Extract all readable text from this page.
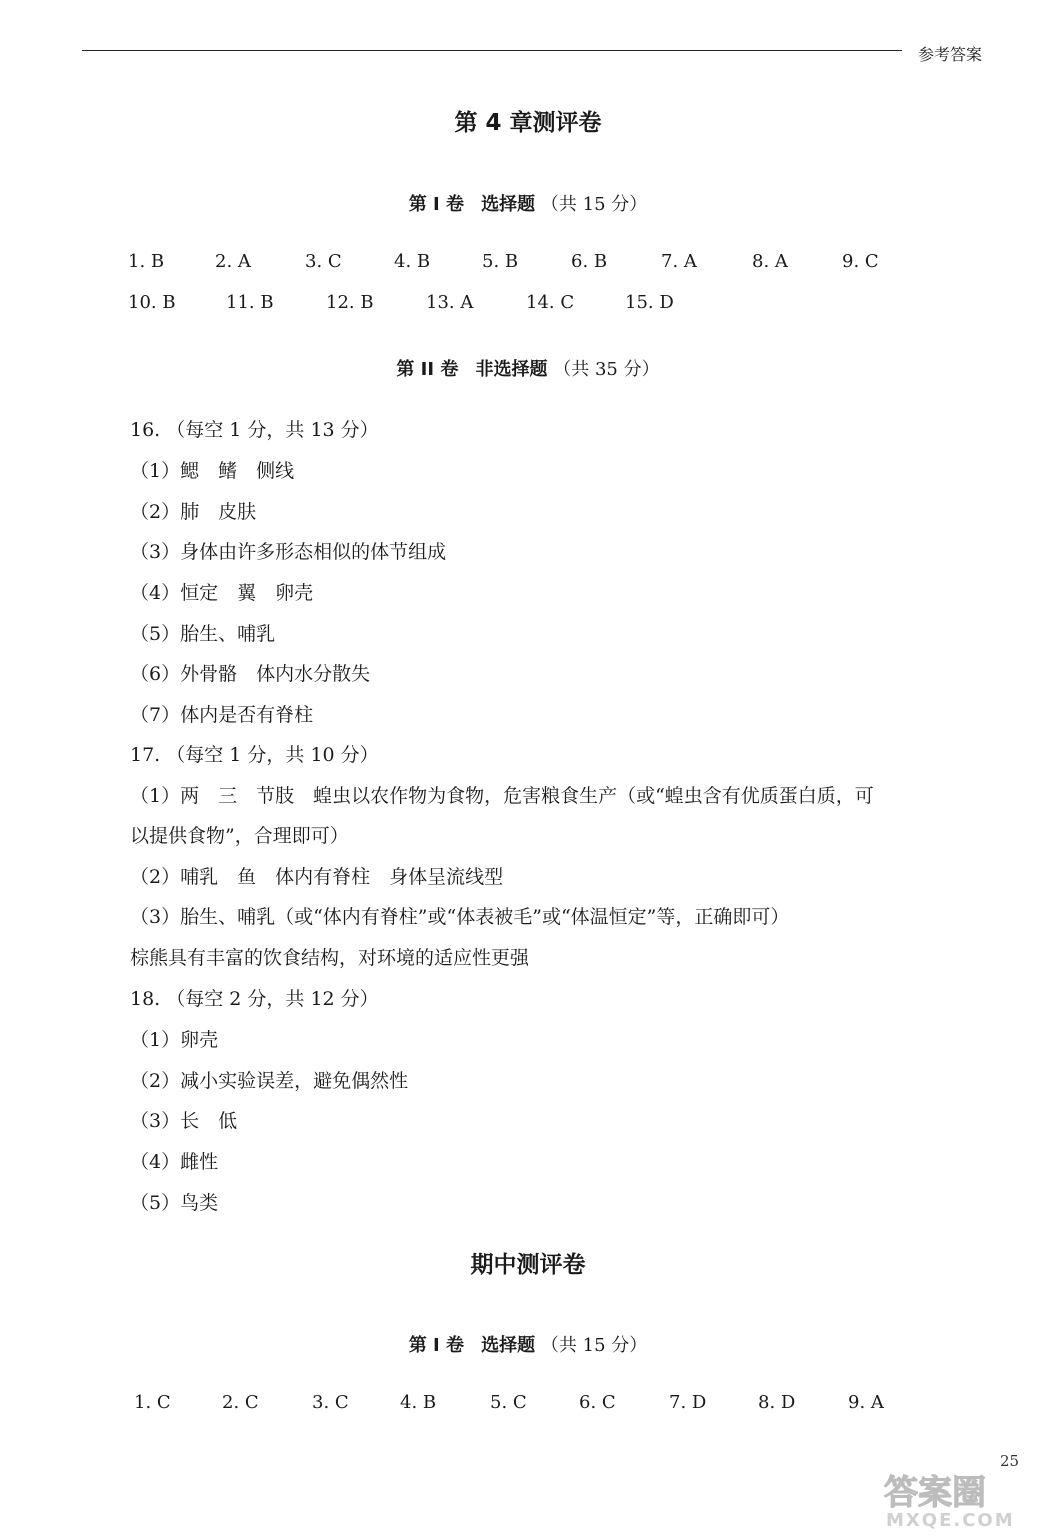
参考答案
第 4 章测评卷
第 I 卷 选择题 （共 15 分）
1. B	2. A	3. C	4. B	5. B	6. B	7. A	8. A	9. C
10. B	11. B	12. B	13. A	14. C	15. D
第 II 卷 非选择题 （共 35 分）
16. （每空 1 分，共 13 分）
（1）鳃　鳍　侧线
（2）肺　皮肤
（3）身体由许多形态相似的体节组成
（4）恒定　翼　卵壳
（5）胎生、哺乳
（6）外骨骼　体内水分散失
（7）体内是否有脊柱
17. （每空 1 分，共 10 分）
（1）两　三　节肢　蝗虫以农作物为食物，危害粮食生产（或“蝗虫含有优质蛋白质，可
以提供食物”，合理即可）
（2）哺乳　鱼　体内有脊柱　身体呈流线型
（3）胎生、哺乳（或“体内有脊柱”或“体表被毛”或“体温恒定”等，正确即可）
棕熊具有丰富的饮食结构，对环境的适应性更强
18. （每空 2 分，共 12 分）
（1）卵壳
（2）减小实验误差，避免偶然性
（3）长　低
（4）雌性
（5）鸟类
期中测评卷
第 I 卷 选择题 （共 15 分）
1. C	2. C	3. C	4. B	5. C	6. C	7. D	8. D	9. A
25
答案圈
MXQE.COM
